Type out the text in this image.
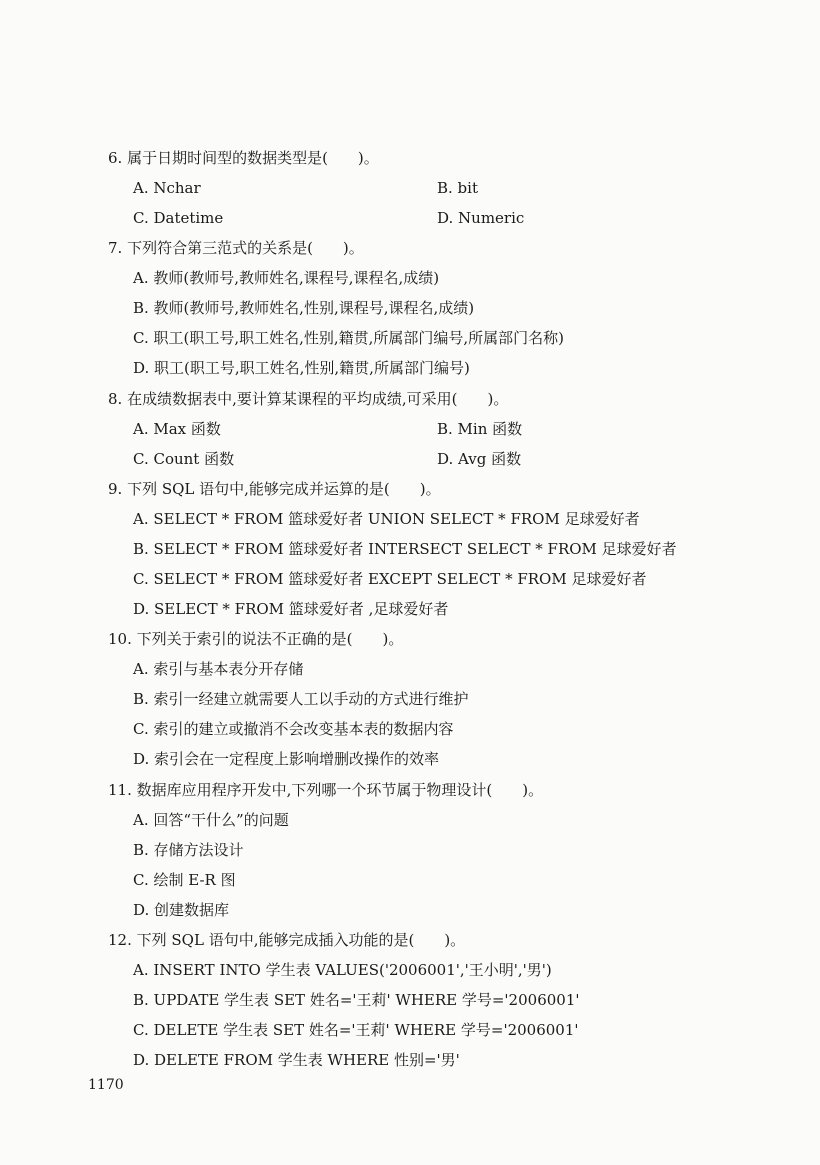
6. 属于日期时间型的数据类型是(　　)。
A. Nchar	B. bit
C. Datetime	D. Numeric
7. 下列符合第三范式的关系是(　　)。
A. 教师(教师号,教师姓名,课程号,课程名,成绩)
B. 教师(教师号,教师姓名,性别,课程号,课程名,成绩)
C. 职工(职工号,职工姓名,性别,籍贯,所属部门编号,所属部门名称)
D. 职工(职工号,职工姓名,性别,籍贯,所属部门编号)
8. 在成绩数据表中,要计算某课程的平均成绩,可采用(　　)。
A. Max 函数	B. Min 函数
C. Count 函数	D. Avg 函数
9. 下列 SQL 语句中,能够完成并运算的是(　　)。
A. SELECT * FROM 篮球爱好者 UNION SELECT * FROM 足球爱好者
B. SELECT * FROM 篮球爱好者 INTERSECT SELECT * FROM 足球爱好者
C. SELECT * FROM 篮球爱好者 EXCEPT SELECT * FROM 足球爱好者
D. SELECT * FROM 篮球爱好者 ,足球爱好者
10. 下列关于索引的说法不正确的是(　　)。
A. 索引与基本表分开存储
B. 索引一经建立就需要人工以手动的方式进行维护
C. 索引的建立或撤消不会改变基本表的数据内容
D. 索引会在一定程度上影响增删改操作的效率
11. 数据库应用程序开发中,下列哪一个环节属于物理设计(　　)。
A. 回答“干什么”的问题
B. 存储方法设计
C. 绘制 E-R 图
D. 创建数据库
12. 下列 SQL 语句中,能够完成插入功能的是(　　)。
A. INSERT INTO 学生表 VALUES('2006001','王小明','男')
B. UPDATE 学生表 SET 姓名='王莉' WHERE 学号='2006001'
C. DELETE 学生表 SET 姓名='王莉' WHERE 学号='2006001'
D. DELETE FROM 学生表 WHERE 性别='男'
1170
